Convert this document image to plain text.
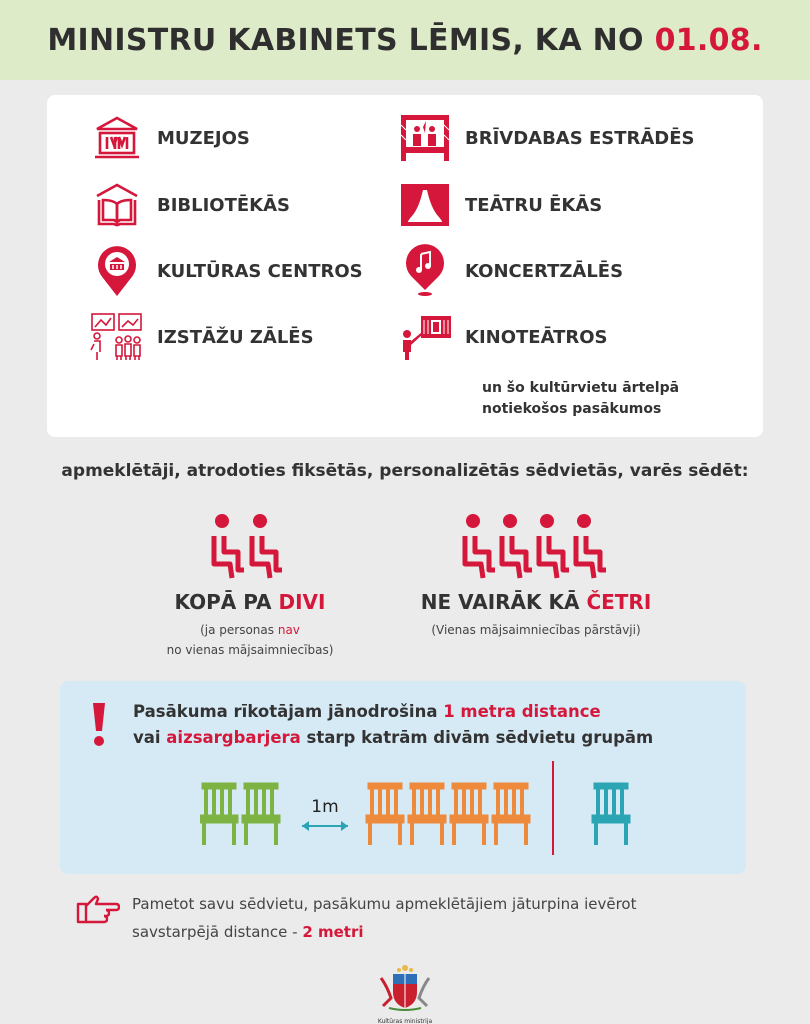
MINISTRU KABINETS LĒMIS, KA NO 01.08.
MUZEJOS
BIBLIOTĒKĀS
KULTŪRAS CENTROS
IZSTĀŽU ZĀLĒS
BRĪVDABAS ESTRĀDĒS
TEĀTRU ĒKĀS
KONCERTZĀLĒS
KINOTEĀTROS
un šo kultūrvietu ārtelpā
notiekošos pasākumos
apmeklētāji, atrodoties fiksētās, personalizētās sēdvietās, varēs sēdēt:
KOPĀ PA DIVI
(ja personas nav
no vienas mājsaimniecības)
NE VAIRĀK KĀ ČETRI
(Vienas mājsaimniecības pārstāvji)
Pasākuma rīkotājam jānodrošina 1 metra distance
vai aizsargbarjera starp katrām divām sēdvietu grupām
1m
Pametot savu sēdvietu, pasākumu apmeklētājiem jāturpina ievērot
savstarpējā distance - 2 metri
Kultūras ministrija
